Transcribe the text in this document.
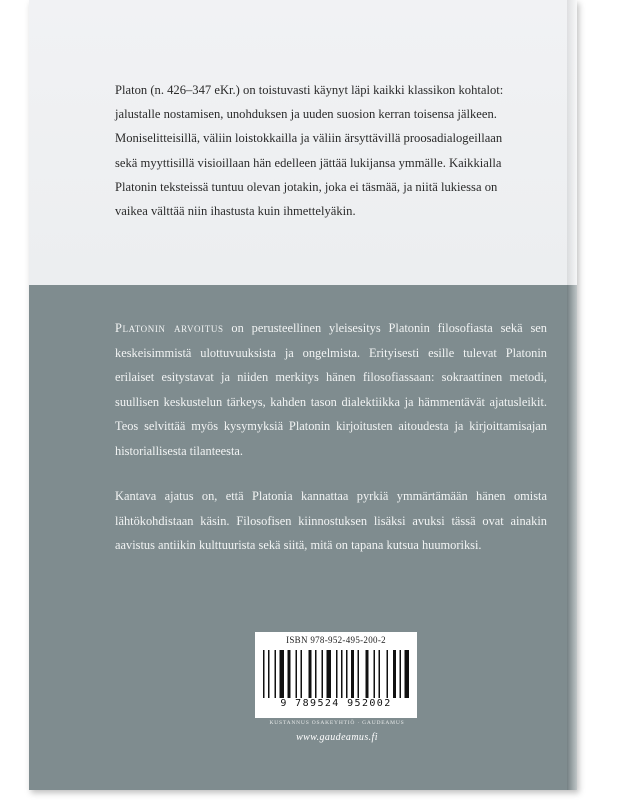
Platon (n. 426–347 eKr.) on toistuvasti käynyt läpi kaikki klassikon kohtalot:
jalustalle nostamisen, unohduksen ja uuden suosion kerran toisensa jälkeen.
Moniselitteisillä, väliin loistokkailla ja väliin ärsyttävillä proosadialogeillaan
sekä myyttisillä visioillaan hän edelleen jättää lukijansa ymmälle. Kaikkialla
Platonin teksteissä tuntuu olevan jotakin, joka ei täsmää, ja niitä lukiessa on
vaikea välttää niin ihastusta kuin ihmettelyäkin.

Platonin arvoitus on perusteellinen yleisesitys Platonin filosofiasta sekä sen keskeisimmistä ulottuvuuksista ja ongelmista. Erityisesti esille tulevat Platonin erilaiset esitystavat ja niiden merkitys hänen filosofiassaan: sokraattinen metodi, suullisen keskustelun tärkeys, kahden tason dialektiikka ja hämmentävät ajatusleikit. Teos selvittää myös kysymyksiä Platonin kirjoitusten aitoudesta ja kirjoittamisajan historiallisesta tilanteesta.

Kantava ajatus on, että Platonia kannattaa pyrkiä ymmärtämään hänen omista lähtökohdistaan käsin. Filosofisen kiinnostuksen lisäksi avuksi tässä ovat ainakin aavistus antiikin kulttuurista sekä siitä, mitä on tapana kutsua huumoriksi.

ISBN 978-952-495-200-2
9 789524 952002
KUSTANNUS OSAKEYHTIÖ · GAUDEAMUS
www.gaudeamus.fi
